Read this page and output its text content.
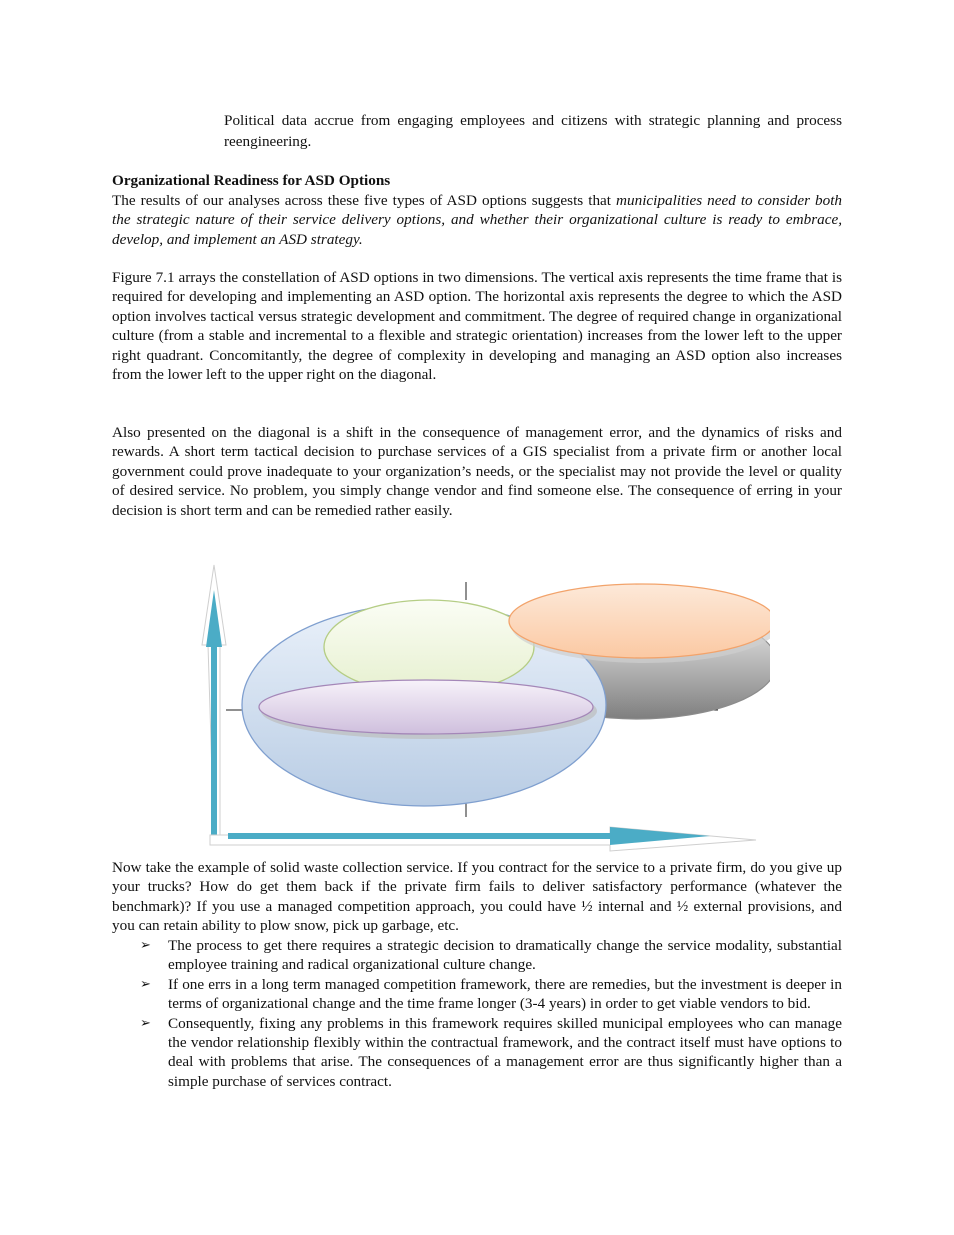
Political data accrue from engaging employees and citizens with strategic planning and process reengineering.

Organizational Readiness for ASD Options

The results of our analyses across these five types of ASD options suggests that municipalities need to consider both the strategic nature of their service delivery options, and whether their organizational culture is ready to embrace, develop, and implement an ASD strategy.

Figure 7.1 arrays the constellation of ASD options in two dimensions. The vertical axis represents the time frame that is required for developing and implementing an ASD option. The horizontal axis represents the degree to which the ASD option involves tactical versus strategic development and commitment. The degree of required change in organizational culture (from a stable and incremental to a flexible and strategic orientation) increases from the lower left to the upper right quadrant. Concomitantly, the degree of complexity in developing and managing an ASD option also increases from the lower left to the upper right on the diagonal.

Also presented on the diagonal is a shift in the consequence of management error, and the dynamics of risks and rewards. A short term tactical decision to purchase services of a GIS specialist from a private firm or another local government could prove inadequate to your organization’s needs, or the specialist may not provide the level or quality of desired service. No problem, you simply change vendor and find someone else. The consequence of erring in your decision is short term and can be remedied rather easily.

Now take the example of solid waste collection service. If you contract for the service to a private firm, do you give up your trucks? How do get them back if the private firm fails to deliver satisfactory performance (whatever the benchmark)? If you use a managed competition approach, you could have ½ internal and ½ external provisions, and you can retain ability to plow snow, pick up garbage, etc.

➢ The process to get there requires a strategic decision to dramatically change the service modality, substantial employee training and radical organizational culture change.
➢ If one errs in a long term managed competition framework, there are remedies, but the investment is deeper in terms of organizational change and the time frame longer (3-4 years) in order to get viable vendors to bid.
➢ Consequently, fixing any problems in this framework requires skilled municipal employees who can manage the vendor relationship flexibly within the contractual framework, and the contract itself must have options to deal with problems that arise. The consequences of a management error are thus significantly higher than a simple purchase of services contract.
